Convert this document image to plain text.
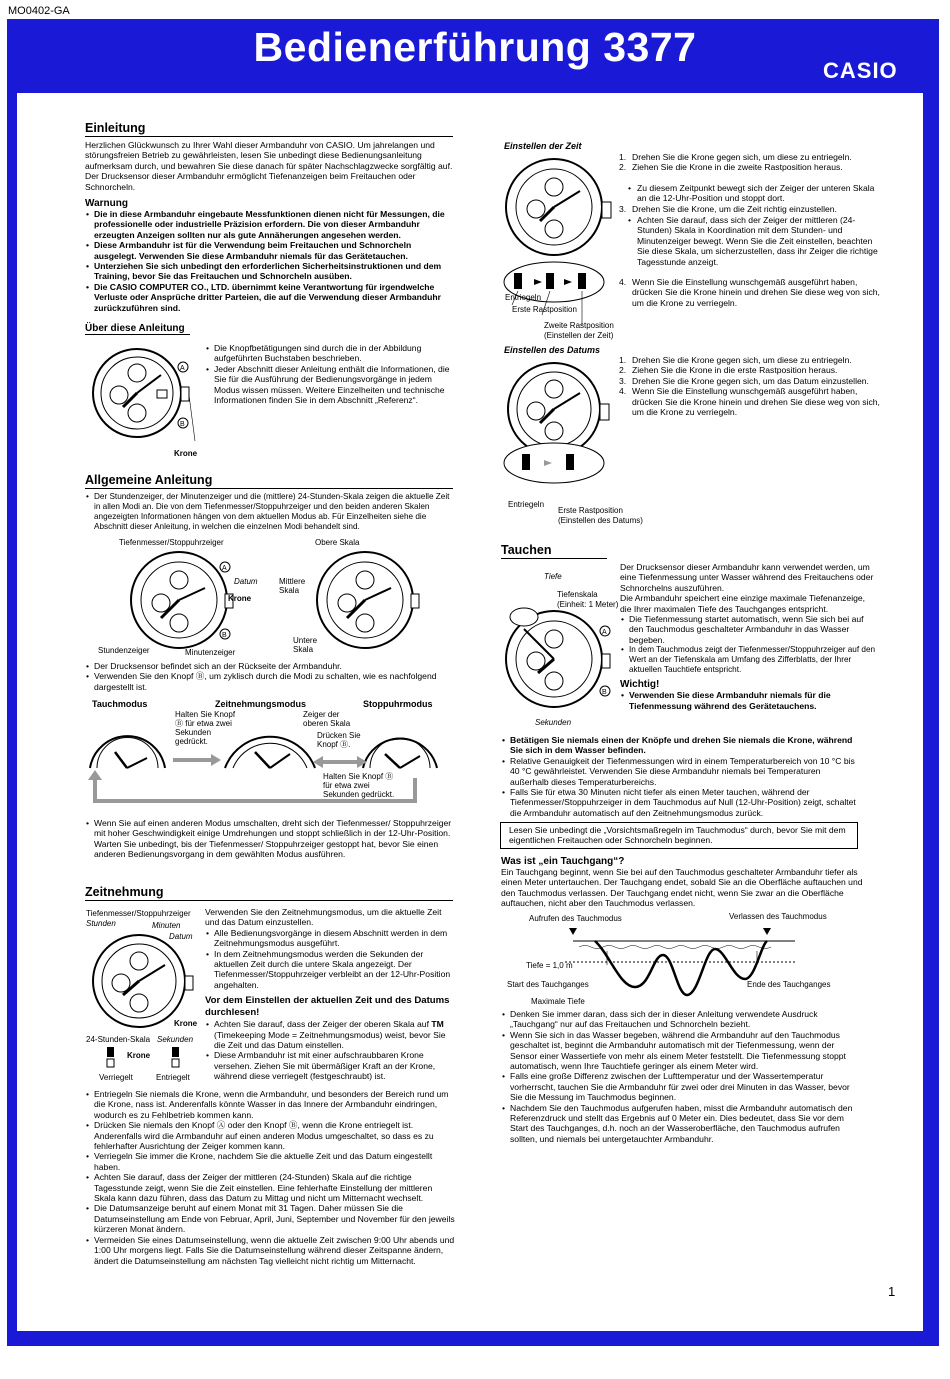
MO0402-GA
Bedienerführung 3377
CASIO
Einleitung
Herzlichen Glückwunsch zu Ihrer Wahl dieser Armbanduhr von CASIO. Um jahrelangen und störungsfreien Betrieb zu gewährleisten, lesen Sie unbedingt diese Bedienungsanleitung aufmerksam durch, und bewahren Sie diese danach für später Nachschlagzwecke sorgfältig auf.
Der Drucksensor dieser Armbanduhr ermöglicht Tiefenanzeigen beim Freitauchen oder Schnorcheln.
Warnung
• Die in diese Armbanduhr eingebaute Messfunktionen dienen nicht für Messungen, die professionelle oder industrielle Präzision erfordern. Die von dieser Armbanduhr erzeugten Anzeigen sollten nur als gute Annäherungen angesehen werden.
• Diese Armbanduhr ist für die Verwendung beim Freitauchen und Schnorcheln ausgelegt. Verwenden Sie diese Armbanduhr niemals für das Gerätetauchen.
• Unterziehen Sie sich unbedingt den erforderlichen Sicherheitsinstruktionen und dem Training, bevor Sie das Freitauchen und Schnorcheln ausüben.
• Die CASIO COMPUTER CO., LTD. übernimmt keine Verantwortung für irgendwelche Verluste oder Ansprüche dritter Parteien, die auf die Verwendung dieser Armbanduhr zurückzuführen sind.
Über diese Anleitung
A
B
Krone
• Die Knopfbetätigungen sind durch die in der Abbildung aufgeführten Buchstaben beschrieben.
• Jeder Abschnitt dieser Anleitung enthält die Informationen, die Sie für die Ausführung der Bedienungsvorgänge in jedem Modus wissen müssen. Weitere Einzelheiten und technische Informationen finden Sie in dem Abschnitt „Referenz“.
Allgemeine Anleitung
• Der Stundenzeiger, der Minutenzeiger und die (mittlere) 24-Stunden-Skala zeigen die aktuelle Zeit in allen Modi an. Die von dem Tiefenmesser/Stoppuhrzeiger und den beiden anderen Skalen angezeigten Informationen hängen von dem aktuellen Modus ab. Für Einzelheiten siehe die Abschnitt dieser Anleitung, in welchen die einzelnen Modi behandelt sind.
Tiefenmesser/Stoppuhrzeiger	Obere Skala
A
B
Datum
Krone
Mittlere Skala
Untere Skala
Stundenzeiger	Minutenzeiger
• Der Drucksensor befindet sich an der Rückseite der Armbanduhr.
• Verwenden Sie den Knopf Ⓑ, um zyklisch durch die Modi zu schalten, wie es nachfolgend dargestellt ist.
Tauchmodus	Zeitnehmungsmodus	Stoppuhrmodus
Halten Sie Knopf Ⓑ für etwa zwei Sekunden gedrückt.
Zeiger der oberen Skala
Drücken Sie Knopf Ⓑ.
Halten Sie Knopf Ⓑ für etwa zwei Sekunden gedrückt.
• Wenn Sie auf einen anderen Modus umschalten, dreht sich der Tiefenmesser/ Stoppuhrzeiger mit hoher Geschwindigkeit einige Umdrehungen und stoppt schließlich in der 12-Uhr-Position. Warten Sie unbedingt, bis der Tiefenmesser/ Stoppuhrzeiger gestoppt hat, bevor Sie einen anderen Bedienungsvorgang in dem gewählten Modus ausführen.
Zeitnehmung
Tiefenmesser/Stoppuhrzeiger
Stunden	Minuten
Datum
Krone
24-Stunden-Skala Sekunden
Krone
Verriegelt	Entriegelt
Verwenden Sie den Zeitnehmungsmodus, um die aktuelle Zeit und das Datum einzustellen.
• Alle Bedienungsvorgänge in diesem Abschnitt werden in dem Zeitnehmungsmodus ausgeführt.
• In dem Zeitnehmungsmodus werden die Sekunden der aktuellen Zeit durch die untere Skala angezeigt. Der Tiefenmesser/Stoppuhrzeiger verbleibt an der 12-Uhr-Position angehalten.
Vor dem Einstellen der aktuellen Zeit und des Datums durchlesen!
• Achten Sie darauf, dass der Zeiger der oberen Skala auf TM (Timekeeping Mode = Zeitnehmungsmodus) weist, bevor Sie die Zeit und das Datum einstellen.
• Diese Armbanduhr ist mit einer aufschraubbaren Krone versehen. Ziehen Sie mit übermäßiger Kraft an der Krone, während diese verriegelt (festgeschraubt) ist.
• Entriegeln Sie niemals die Krone, wenn die Armbanduhr, und besonders der Bereich rund um die Krone, nass ist. Anderenfalls könnte Wasser in das Innere der Armbanduhr eindringen, wodurch es zu Fehlbetrieb kommen kann.
• Drücken Sie niemals den Knopf Ⓐ oder den Knopf Ⓑ, wenn die Krone entriegelt ist. Anderenfalls wird die Armbanduhr auf einen anderen Modus umgeschaltet, so dass es zu fehlerhafter Ausrichtung der Zeiger kommen kann.
• Verriegeln Sie immer die Krone, nachdem Sie die aktuelle Zeit und das Datum eingestellt haben.
• Achten Sie darauf, dass der Zeiger der mittleren (24-Stunden) Skala auf die richtige Tagesstunde zeigt, wenn Sie die Zeit einstellen. Eine fehlerhafte Einstellung der mittleren Skala kann dazu führen, dass das Datum zu Mittag und nicht um Mitternacht wechselt.
• Die Datumsanzeige beruht auf einem Monat mit 31 Tagen. Daher müssen Sie die Datumseinstellung am Ende von Februar, April, Juni, September und November für den jeweils kürzeren Monat ändern.
• Vermeiden Sie eines Datumseinstellung, wenn die aktuelle Zeit zwischen 9:00 Uhr abends und 1:00 Uhr morgens liegt. Falls Sie die Datumseinstellung während dieser Zeitspanne ändern, ändert die Datumseinstellung am nächsten Tag vielleicht nicht richtig um Mitternacht.
Einstellen der Zeit
Entriegeln
Erste Rastposition
Zweite Rastposition
(Einstellen der Zeit)
1. Drehen Sie die Krone gegen sich, um diese zu entriegeln.
2. Ziehen Sie die Krone in die zweite Rastposition heraus.
• Zu diesem Zeitpunkt bewegt sich der Zeiger der unteren Skala an die 12-Uhr-Position und stoppt dort.
3. Drehen Sie die Krone, um die Zeit richtig einzustellen.
• Achten Sie darauf, dass sich der Zeiger der mittleren (24-Stunden) Skala in Koordination mit dem Stunden- und Minutenzeiger bewegt. Wenn Sie die Zeit einstellen, beachten Sie diese Skala, um sicherzustellen, dass ihr Zeiger die richtige Tagesstunde anzeigt.
4. Wenn Sie die Einstellung wunschgemäß ausgeführt haben, drücken Sie die Krone hinein und drehen Sie diese weg von sich, um die Krone zu verriegeln.
Einstellen des Datums
Entriegeln
Erste Rastposition
(Einstellen des Datums)
1. Drehen Sie die Krone gegen sich, um diese zu entriegeln.
2. Ziehen Sie die Krone in die erste Rastposition heraus.
3. Drehen Sie die Krone gegen sich, um das Datum einzustellen.
4. Wenn Sie die Einstellung wunschgemäß ausgeführt haben, drücken Sie die Krone hinein und drehen Sie diese weg von sich, um die Krone zu verriegeln.
Tauchen
Tiefe
Tiefenskala
(Einheit: 1 Meter)
A
B
Sekunden
Der Drucksensor dieser Armbanduhr kann verwendet werden, um eine Tiefenmessung unter Wasser während des Freitauchens oder Schnorchelns auszuführen.
Die Armbanduhr speichert eine einzige maximale Tiefenanzeige, die Ihrer maximalen Tiefe des Tauchganges entspricht.
• Die Tiefenmessung startet automatisch, wenn Sie sich bei auf den Tauchmodus geschalteter Armbanduhr in das Wasser begeben.
• In dem Tauchmodus zeigt der Tiefenmesser/Stoppuhrzeiger auf den Wert an der Tiefenskala am Umfang des Zifferblatts, der Ihrer aktuellen Tauchtiefe entspricht.
Wichtig!
• Verwenden Sie diese Armbanduhr niemals für die Tiefenmessung während des Gerätetauchens.
• Betätigen Sie niemals einen der Knöpfe und drehen Sie niemals die Krone, während Sie sich in dem Wasser befinden.
• Relative Genauigkeit der Tiefenmessungen wird in einem Temperaturbereich von 10 °C bis 40 °C gewährleistet. Verwenden Sie diese Armbanduhr niemals bei Temperaturen außerhalb dieses Temperaturbereichs.
• Falls Sie für etwa 30 Minuten nicht tiefer als einen Meter tauchen, während der Tiefenmesser/Stoppuhrzeiger in dem Tauchmodus auf Null (12-Uhr-Position) zeigt, schaltet die Armbanduhr automatisch auf den Zeitnehmungsmodus zurück.
Lesen Sie unbedingt die „Vorsichtsmaßregeln im Tauchmodus“ durch, bevor Sie mit dem eigentlichen Freitauchen oder Schnorcheln beginnen.
Was ist „ein Tauchgang“?
Ein Tauchgang beginnt, wenn Sie bei auf den Tauchmodus geschalteter Armbanduhr tiefer als einen Meter untertauchen. Der Tauchgang endet, sobald Sie an die Oberfläche auftauchen und den Tauchmodus verlassen. Der Tauchgang endet nicht, wenn Sie zwar an die Oberfläche auftauchen, nicht aber den Tauchmodus verlassen.
Aufrufen des Tauchmodus	Verlassen des Tauchmodus
Tiefe = 1,0 m
Start des Tauchganges	Ende des Tauchganges
Maximale Tiefe
• Denken Sie immer daran, dass sich der in dieser Anleitung verwendete Ausdruck „Tauchgang“ nur auf das Freitauchen und Schnorcheln bezieht.
• Wenn Sie sich in das Wasser begeben, während die Armbanduhr auf den Tauchmodus geschaltet ist, beginnt die Armbanduhr automatisch mit der Tiefenmessung, wenn der Sensor einer Wassertiefe von mehr als einem Meter feststellt. Die Tiefenmessung stoppt automatisch, wenn Ihre Tauchtiefe geringer als einem Meter wird.
• Falls eine große Differenz zwischen der Lufttemperatur und der Wassertemperatur vorherrscht, tauchen Sie die Armbanduhr für zwei oder drei Minuten in das Wasser, bevor Sie die Messung im Tauchmodus beginnen.
• Nachdem Sie den Tauchmodus aufgerufen haben, misst die Armbanduhr automatisch den Referenzdruck und stellt das Ergebnis auf 0 Meter ein. Dies bedeutet, dass Sie vor dem Start des Tauchganges, d.h. noch an der Wasseroberfläche, den Tauchmodus aufrufen sollten, und niemals bei untergetauchter Armbanduhr.
1
